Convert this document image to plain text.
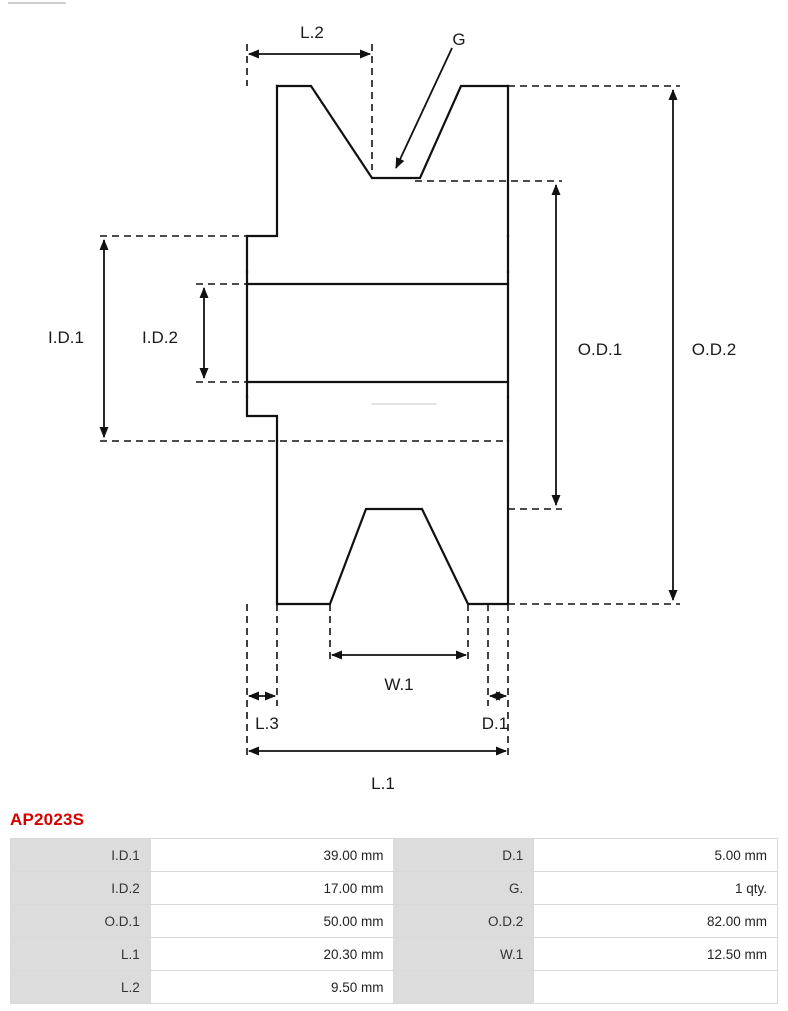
L.2	G
W.1
L.1
L.3	D.1
I.D.1	I.D.2
O.D.1	O.D.2
AP2023S
I.D.1	39.00 mm	D.1	5.00 mm
I.D.2	17.00 mm	G.	1 qty.
O.D.1	50.00 mm	O.D.2	82.00 mm
L.1	20.30 mm	W.1	12.50 mm
L.2	9.50 mm		
